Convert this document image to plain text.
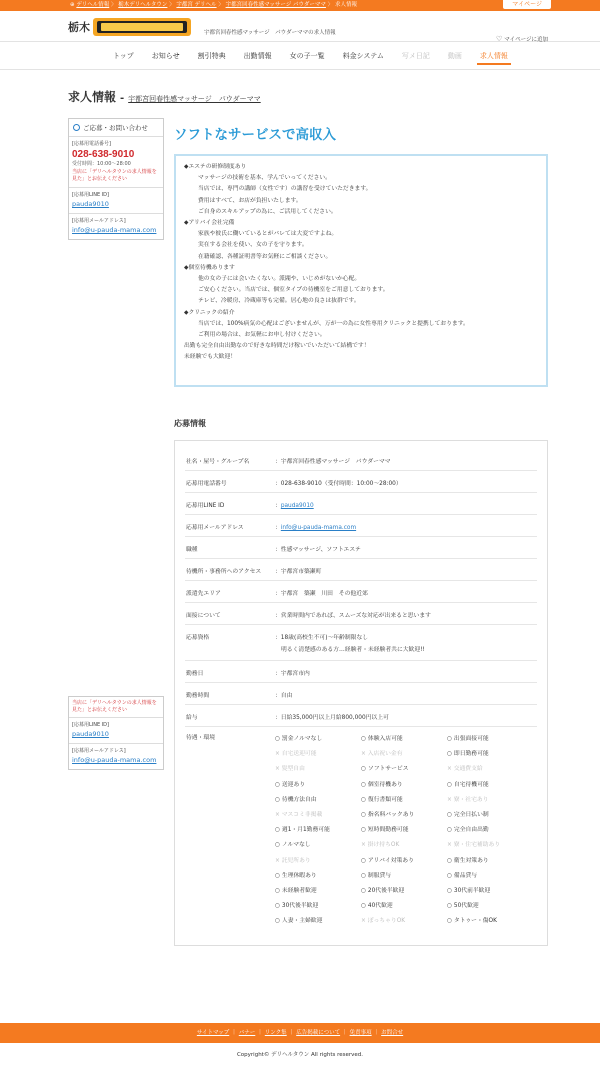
⊕ デリヘル情報 〉 栃木デリヘルタウン 〉 宇都宮 デリヘル 〉 宇都宮回春性感マッサージ パウダーママ 〉 求人情報	マイページ
栃木	宇都宮回春性感マッサージ　パウダーママの求人情報
♡ マイページに追加
トップ	お知らせ	割引特典	出勤情報	女の子一覧	料金システム	写メ日記	動画	求人情報
求人情報 - 宇都宮回春性感マッサージ　パウダーママ
ご応募・お問い合わせ
[応募用電話番号]
028-638-9010
受付時間：10:00〜28:00
当店に「デリヘルタウンの求人情報を見た」とお伝えください
[応募用LINE ID]
pauda9010
[応募用メールアドレス]
info@u-pauda-mama.com
当店に「デリヘルタウンの求人情報を見た」とお伝えください
[応募用LINE ID]
pauda9010
[応募用メールアドレス]
info@u-pauda-mama.com
ソフトなサービスで高収入
◆エステの研修制度あり
マッサージの技術を基本、学んでいってください。
当店では、専門の講師（女性です）の講習を受けていただきます。
費用はすべて、お店が負担いたします。
ご自身のスキルアップの為に、ご活用してください。
◆アリバイ会社完備
家族や彼氏に働いているとがバレては大変ですよね。
実在する会社を使い、女の子を守ります。
在籍確認、各種証明書等お気軽にご相談ください。
◆個室待機あります
他の女の子には会いたくない。派閥や、いじめがないか心配。
ご安心ください。当店では、個室タイプの待機室をご用意しております。
テレビ、冷暖房、冷蔵庫等も完備。居心地の良さは抜群です。
◆クリニックの紹介
当店では、100%病気の心配はございませんが、万が一の為に女性専用クリニックと提携しております。
ご利用の場合は、お気軽にお申し付けください。
出勤も完全自由出勤なので好きな時間だけ稼いでいただいて結構です！
未経験でも大歓迎！
応募情報
社名・屋号・グループ名	：宇都宮回春性感マッサージ　パウダーママ
応募用電話番号	：028-638-9010（受付時間：10:00〜28:00）
応募用LINE ID	：pauda9010
応募用メールアドレス	：info@u-pauda-mama.com
職種	：性感マッサージ、ソフトエステ
待機所・事務所へのアクセス	：宇都宮市築瀬町
派遣先エリア	：宇都宮　築瀬　川田　その他近郊
面接について	：営業時間内であれば、スムーズな対応が出来ると思います
応募資格	：18歳(高校生不可)〜年齢制限なし
明るく清楚感のある方…経験者・未経験者共に大歓迎!!
勤務日	：宇都宮市内
勤務時間	：自由
給与	：日給35,000円以上月給800,000円以上可
待遇・環境	○ 罰金ノルマなし	○ 体験入店可能	○ 出張面接可能
× 自宅送迎可能	× 入店祝い金有	○ 即日勤務可能
× 髪型自由	○ ソフトサービス	× 交通費支給
○ 送迎あり	○ 個室待機あり	○ 自宅待機可能
○ 待機方法自由	○ 復行書類可能	× 寮・社宅あり
× マスコミ非掲載	○ 指名料バックあり	○ 完全日払い制
○ 週1・月1勤務可能	○ 短時間勤務可能	○ 完全自由出勤
○ ノルマなし	× 掛け持ちOK	× 寮・住宅補助あり
× 託児所あり	○ アリバイ対策あり	○ 衛生対策あり
○ 生理休暇あり	○ 制服貸与	○ 備品貸与
○ 未経験者歓迎	○ 20代後半歓迎	○ 30代前半歓迎
○ 30代後半歓迎	○ 40代歓迎	○ 50代歓迎
○ 人妻・主婦歓迎	× ぽっちゃりOK	○ タトゥー・傷OK
サイトマップ ｜ バナー ｜ リンク集 ｜ 広告掲載について ｜ 免責事項 ｜ お問合せ
Copyright© デリヘルタウン All rights reserved.
